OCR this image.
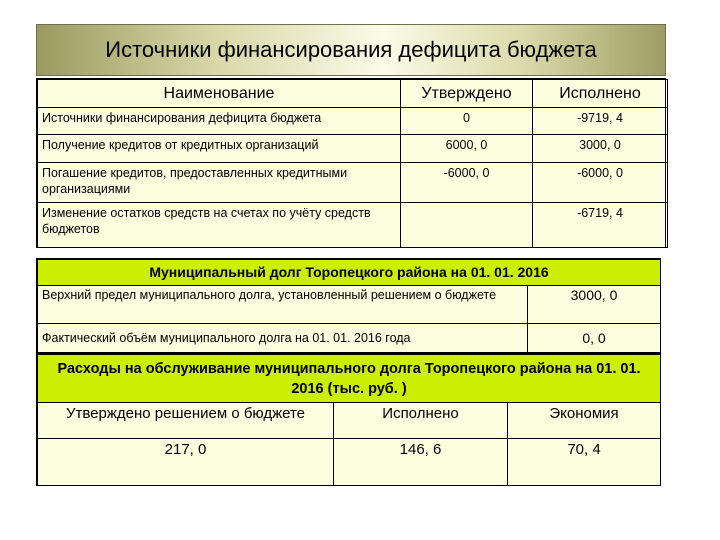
Источники финансирования дефицита бюджета
Наименование	Утверждено	Исполнено
Источники финансирования дефицита бюджета	0	-9719, 4
Получение кредитов от кредитных организаций	6000, 0	3000, 0
Погашение кредитов, предоставленных кредитными организациями	-6000, 0	-6000, 0
Изменение остатков средств на счетах по учёту средств бюджетов		-6719, 4
Муниципальный долг Торопецкого района на 01. 01. 2016	
Верхний предел муниципального долга, установленный решением о бюджете	3000, 0
Фактический объём муниципального долга на 01. 01. 2016 года	0, 0
Расходы на обслуживание муниципального долга Торопецкого района на 01. 01. 2016 (тыс. руб. )		
Утверждено решением о бюджете	Исполнено	Экономия
217, 0	146, 6	70, 4
